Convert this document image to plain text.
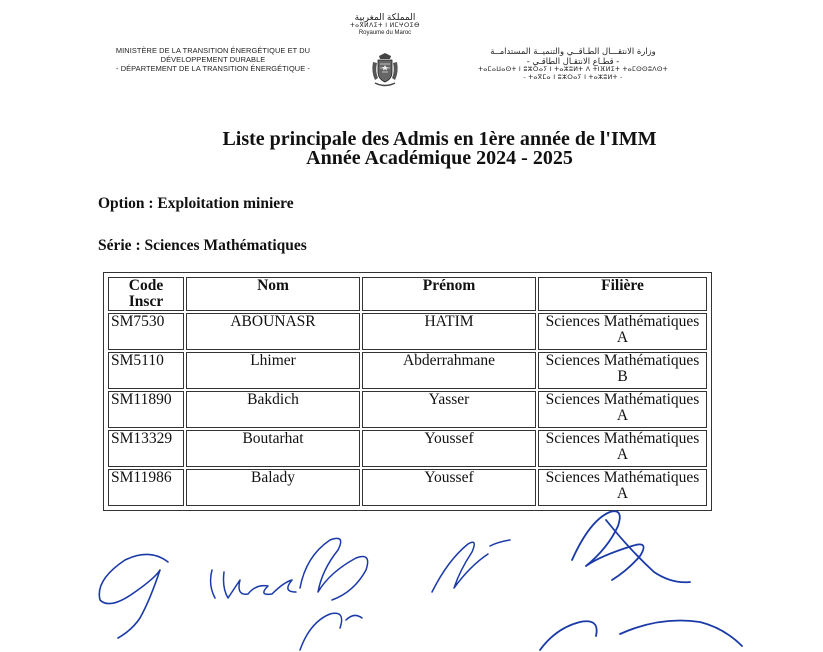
MINISTÈRE DE LA TRANSITION ÉNERGÉTIQUE ET DU
DÉVELOPPEMENT DURABLE
- DÉPARTEMENT DE LA TRANSITION ÉNERGÉTIQUE -
المملكة المغربية
ⵜⴰⴳⵍⴷⵉⵜ ⵏ ⵍⵎⵖⵔⵉⴱ
Royaume du Maroc
وزارة الانتقـــال الطـاقــي والتنميــة المستدامــة
- قطـاع الانتقـال الطاقـي -
ⵜⴰⵎⴰⵡⴰⵙⵜ ⵏ ⵓⵣⵔⴰⵢ ⵏ ⵜⴰⵣⵓⵍⵜ ⴷ ⵜⵏⴼⵍⵉⵜ ⵜⴰⵎⵙⵙⵓⴷⵙⵜ
- ⵜⴰⴳⵎⴰ ⵏ ⵓⵣⵔⴰⵢ ⵏ ⵜⴰⵣⵓⵍⵜ -
Liste principale des Admis en 1ère année de l'IMM
Année Académique 2024 - 2025
Option : Exploitation miniere
Série : Sciences Mathématiques
Code Inscr	Nom	Prénom	Filière
SM7530	ABOUNASR	HATIM	Sciences Mathématiques
A

SM5110	Lhimer	Abderrahmane	Sciences Mathématiques
B

SM11890	Bakdich	Yasser	Sciences Mathématiques
A

SM13329	Boutarhat	Youssef	Sciences Mathématiques
A

SM11986	Balady	Youssef	Sciences Mathématiques
A
